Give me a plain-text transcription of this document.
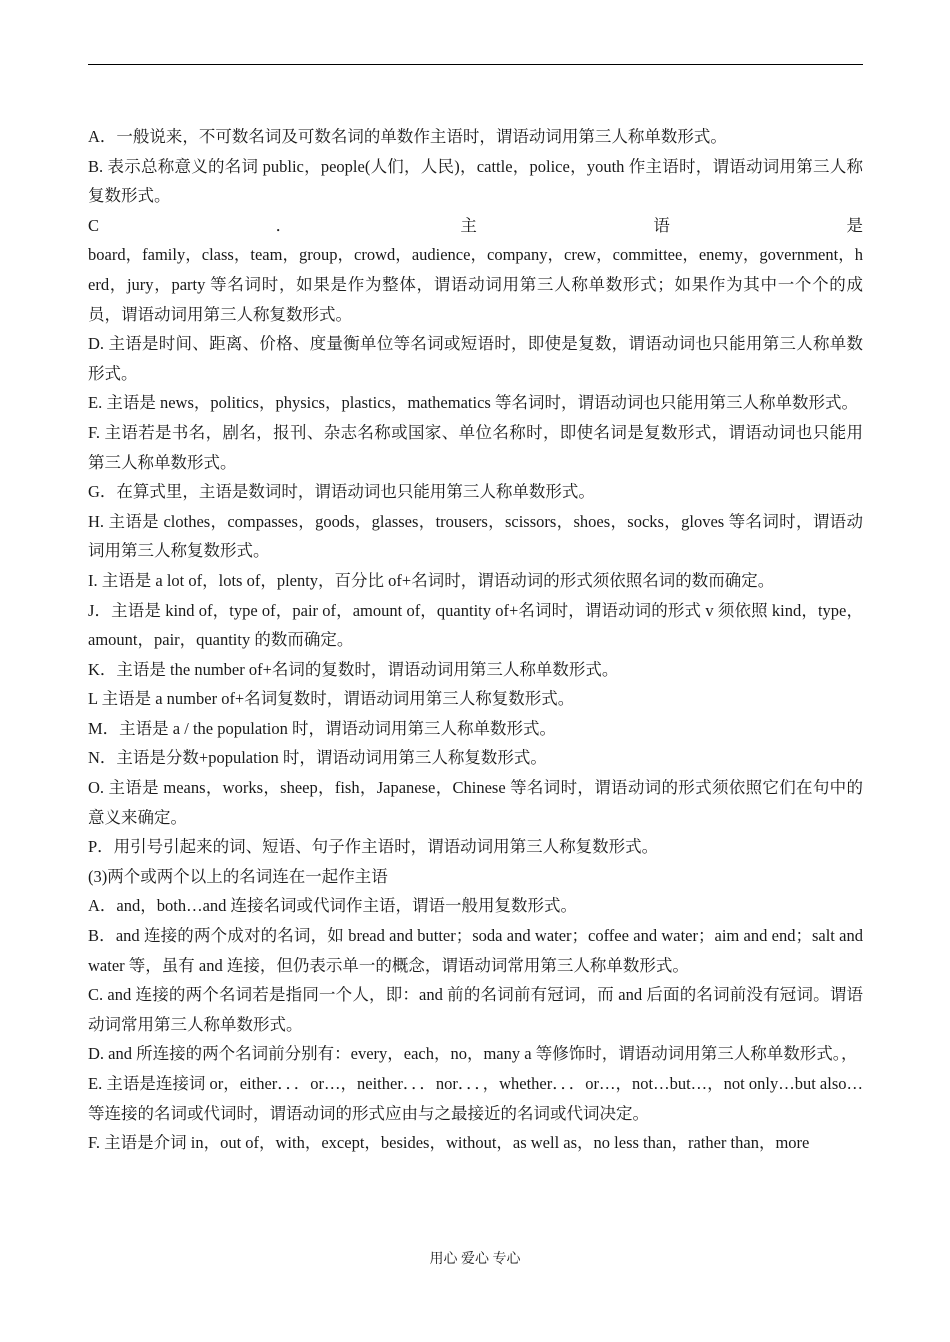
A．一般说来，不可数名词及可数名词的单数作主语时，谓语动词用第三人称单数形式。

B. 表示总称意义的名词 public，people(人们，人民)，cattle，police，youth 作主语时，谓语动词用第三人称复数形式。

C　．　主　语　是

board，family，class，team，group，crowd，audience，company，crew，committee，enemy，government，herd，jury，party 等名词时，如果是作为整体，谓语动词用第三人称单数形式；如果作为其中一个个的成员，谓语动词用第三人称复数形式。

D. 主语是时间、距离、价格、度量衡单位等名词或短语时，即使是复数，谓语动词也只能用第三人称单数形式。

E. 主语是 news，politics，physics，plastics，mathematics 等名词时，谓语动词也只能用第三人称单数形式。

F. 主语若是书名，剧名，报刊、杂志名称或国家、单位名称时，即使名词是复数形式，谓语动词也只能用第三人称单数形式。

G．在算式里，主语是数词时，谓语动词也只能用第三人称单数形式。

H. 主语是 clothes，compasses，goods，glasses，trousers，scissors，shoes，socks，gloves 等名词时，谓语动词用第三人称复数形式。

I. 主语是 a lot of，lots of，plenty，百分比 of+名词时，谓语动词的形式须依照名词的数而确定。

J．主语是 kind of，type of，pair of，amount of，quantity of+名词时，谓语动词的形式 v 须依照 kind，type，amount，pair，quantity 的数而确定。

K．主语是 the number of+名词的复数时，谓语动词用第三人称单数形式。

L 主语是 a number of+名词复数时，谓语动词用第三人称复数形式。

M．主语是 a / the population 时，谓语动词用第三人称单数形式。

N．主语是分数+population 时，谓语动词用第三人称复数形式。

O. 主语是 means，works，sheep，fish，Japanese，Chinese 等名词时，谓语动词的形式须依照它们在句中的意义来确定。

P．用引号引起来的词、短语、句子作主语时，谓语动词用第三人称复数形式。

(3)两个或两个以上的名词连在一起作主语

A．and，both…and 连接名词或代词作主语，谓语一般用复数形式。

B．and 连接的两个成对的名词，如 bread and butter；soda and water；coffee and water；aim and end；salt and water 等，虽有 and 连接，但仍表示单一的概念，谓语动词常用第三人称单数形式。

C. and 连接的两个名词若是指同一个人，即：and 前的名词前有冠词，而 and 后面的名词前没有冠词。谓语动词常用第三人称单数形式。

D. and 所连接的两个名词前分别有：every，each，no，many a 等修饰时，谓语动词用第三人称单数形式。，

E. 主语是连接词 or，either．．．or…，neither．．．nor．．．，whether．．．or…，not…but…，not only…but also…等连接的名词或代词时，谓语动词的形式应由与之最接近的名词或代词决定。

F. 主语是介词 in，out of，with，except，besides，without，as well as，no less than，rather than，more

用心 爱心 专心
